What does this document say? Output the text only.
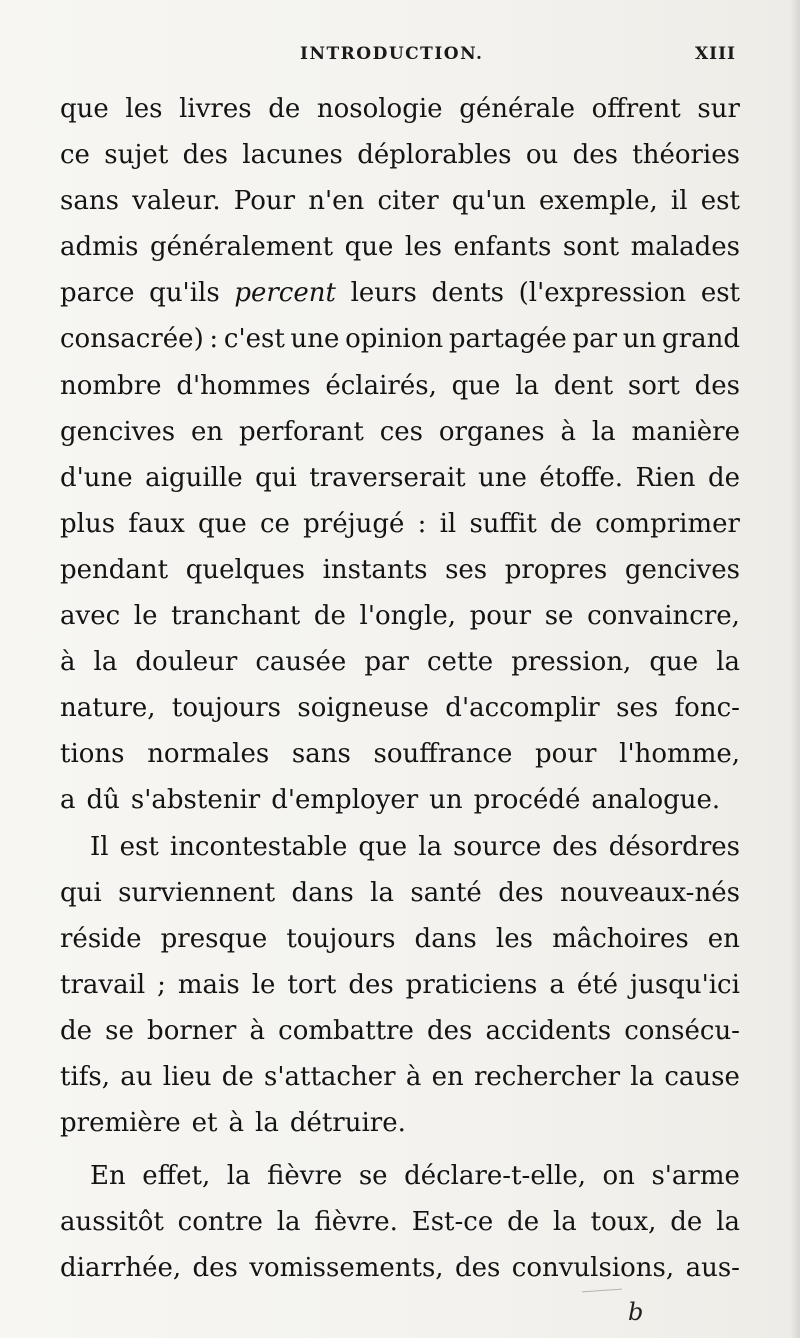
INTRODUCTION.	XIII
que les livres de nosologie générale offrent sur
ce sujet des lacunes déplorables ou des théories
sans valeur. Pour n'en citer qu'un exemple, il est
admis généralement que les enfants sont malades
parce qu'ils percent leurs dents (l'expression est
consacrée) : c'est une opinion partagée par un grand
nombre d'hommes éclairés, que la dent sort des
gencives en perforant ces organes à la manière
d'une aiguille qui traverserait une étoffe. Rien de
plus faux que ce préjugé : il suffit de comprimer
pendant quelques instants ses propres gencives
avec le tranchant de l'ongle, pour se convaincre,
à la douleur causée par cette pression, que la
nature, toujours soigneuse d'accomplir ses fonc-
tions normales sans souffrance pour l'homme,
a dû s'abstenir d'employer un procédé analogue.
Il est incontestable que la source des désordres
qui surviennent dans la santé des nouveaux-nés
réside presque toujours dans les mâchoires en
travail ; mais le tort des praticiens a été jusqu'ici
de se borner à combattre des accidents consécu-
tifs, au lieu de s'attacher à en rechercher la cause
première et à la détruire.
En effet, la fièvre se déclare-t-elle, on s'arme
aussitôt contre la fièvre. Est-ce de la toux, de la
diarrhée, des vomissements, des convulsions, aus-
b
